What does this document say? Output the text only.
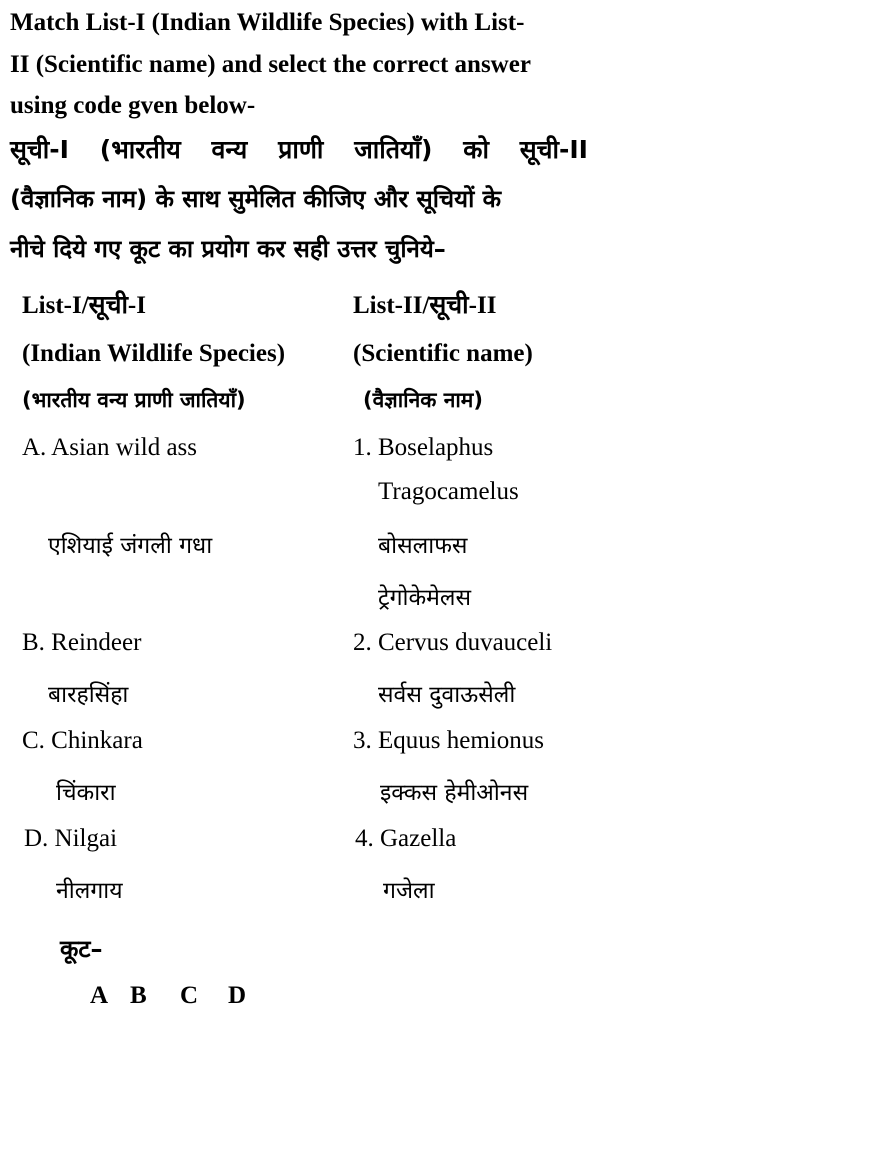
Match List-I (Indian Wildlife Species) with List-
II (Scientific name) and select the correct answer
using code gven below-
सूची-I (भारतीय वन्य प्राणी जातियाँ) को सूची-II
(वैज्ञानिक नाम) के साथ सुमेलित कीजिए और सूचियों के
नीचे दिये गए कूट का प्रयोग कर सही उत्तर चुनिये–
List-I/सूची-I
(Indian Wildlife Species)
(भारतीय वन्य प्राणी जातियाँ)
List-II/सूची-II
(Scientific name)
(वैज्ञानिक नाम)
A. Asian wild ass
एशियाई जंगली गधा
B. Reindeer
बारहसिंहा
C. Chinkara
चिंकारा
D. Nilgai
नीलगाय
1. Boselaphus
Tragocamelus
बोसलाफस
ट्रेगोकेमेलस
2. Cervus duvauceli
सर्वस दुवाऊसेली
3. Equus hemionus
इक्कस हेमीओनस
4. Gazella
गजेला
कूट–
A B C D
